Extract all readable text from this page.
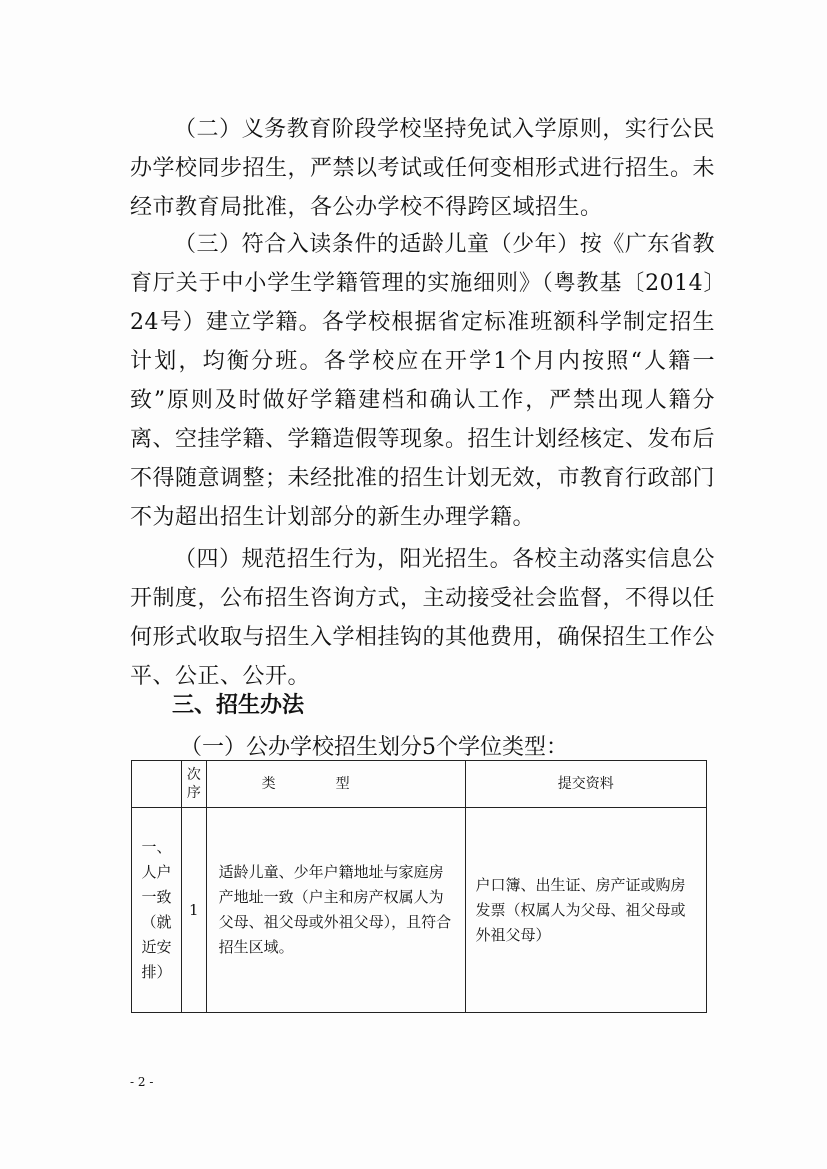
（二）义务教育阶段学校坚持免试入学原则，实行公民办学校同步招生，严禁以考试或任何变相形式进行招生。未经市教育局批准，各公办学校不得跨区域招生。

（三）符合入读条件的适龄儿童（少年）按《广东省教育厅关于中小学生学籍管理的实施细则》（粤教基〔2014〕24号）建立学籍。各学校根据省定标准班额科学制定招生计划，均衡分班。各学校应在开学1个月内按照“人籍一致”原则及时做好学籍建档和确认工作，严禁出现人籍分离、空挂学籍、学籍造假等现象。招生计划经核定、发布后不得随意调整；未经批准的招生计划无效，市教育行政部门不为超出招生计划部分的新生办理学籍。

（四）规范招生行为，阳光招生。各校主动落实信息公开制度，公布招生咨询方式，主动接受社会监督，不得以任何形式收取与招生入学相挂钩的其他费用，确保招生工作公平、公正、公开。

三、招生办法

（一）公办学校招生划分5个学位类型：

	次序	类型	提交资料

一、人户一致（就近安排）	1	适龄儿童、少年户籍地址与家庭房产地址一致（户主和房产权属人为父母、祖父母或外祖父母），且符合招生区域。	户口簿、出生证、房产证或购房发票（权属人为父母、祖父母或外祖父母）

- 2 -
